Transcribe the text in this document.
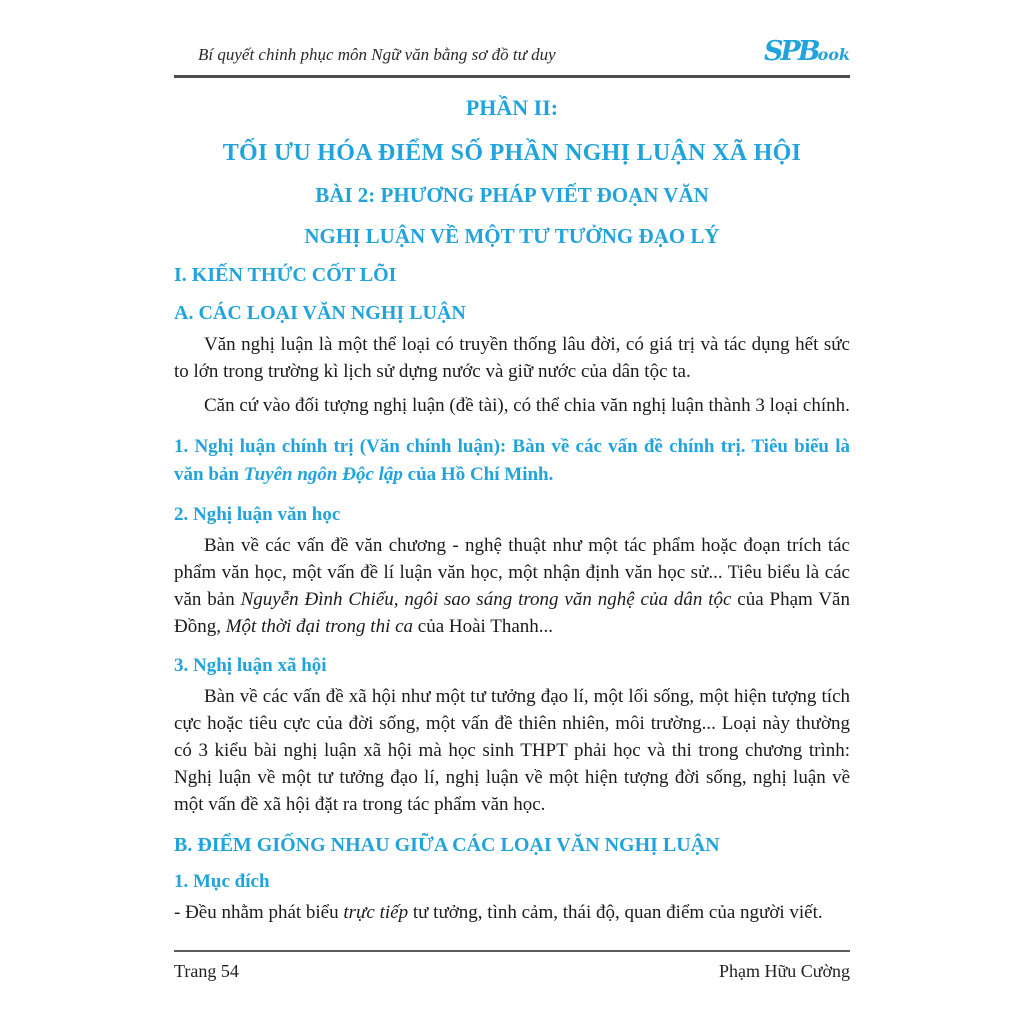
Bí quyết chinh phục môn Ngữ văn bằng sơ đồ tư duy	SPBook
PHẦN II:
TỐI ƯU HÓA ĐIỂM SỐ PHẦN NGHỊ LUẬN XÃ HỘI
BÀI 2: PHƯƠNG PHÁP VIẾT ĐOẠN VĂN
NGHỊ LUẬN VỀ MỘT TƯ TƯỞNG ĐẠO LÝ
I. KIẾN THỨC CỐT LÕI
A. CÁC LOẠI VĂN NGHỊ LUẬN

Văn nghị luận là một thể loại có truyền thống lâu đời, có giá trị và tác dụng hết sức to lớn trong trường kì lịch sử dựng nước và giữ nước của dân tộc ta.

Căn cứ vào đối tượng nghị luận (đề tài), có thể chia văn nghị luận thành 3 loại chính.

1. Nghị luận chính trị (Văn chính luận): Bàn về các vấn đề chính trị. Tiêu biểu là văn bản Tuyên ngôn Độc lập của Hồ Chí Minh.

2. Nghị luận văn học

Bàn về các vấn đề văn chương - nghệ thuật như một tác phẩm hoặc đoạn trích tác phẩm văn học, một vấn đề lí luận văn học, một nhận định văn học sử... Tiêu biểu là các văn bản Nguyễn Đình Chiểu, ngôi sao sáng trong văn nghệ của dân tộc của Phạm Văn Đồng, Một thời đại trong thi ca của Hoài Thanh...

3. Nghị luận xã hội

Bàn về các vấn đề xã hội như một tư tưởng đạo lí, một lối sống, một hiện tượng tích cực hoặc tiêu cực của đời sống, một vấn đề thiên nhiên, môi trường... Loại này thường có 3 kiểu bài nghị luận xã hội mà học sinh THPT phải học và thi trong chương trình: Nghị luận về một tư tưởng đạo lí, nghị luận về một hiện tượng đời sống, nghị luận về một vấn đề xã hội đặt ra trong tác phẩm văn học.

B. ĐIỂM GIỐNG NHAU GIỮA CÁC LOẠI VĂN NGHỊ LUẬN
1. Mục đích

- Đều nhằm phát biểu trực tiếp tư tưởng, tình cảm, thái độ, quan điểm của người viết.

Trang 54	Phạm Hữu Cường
